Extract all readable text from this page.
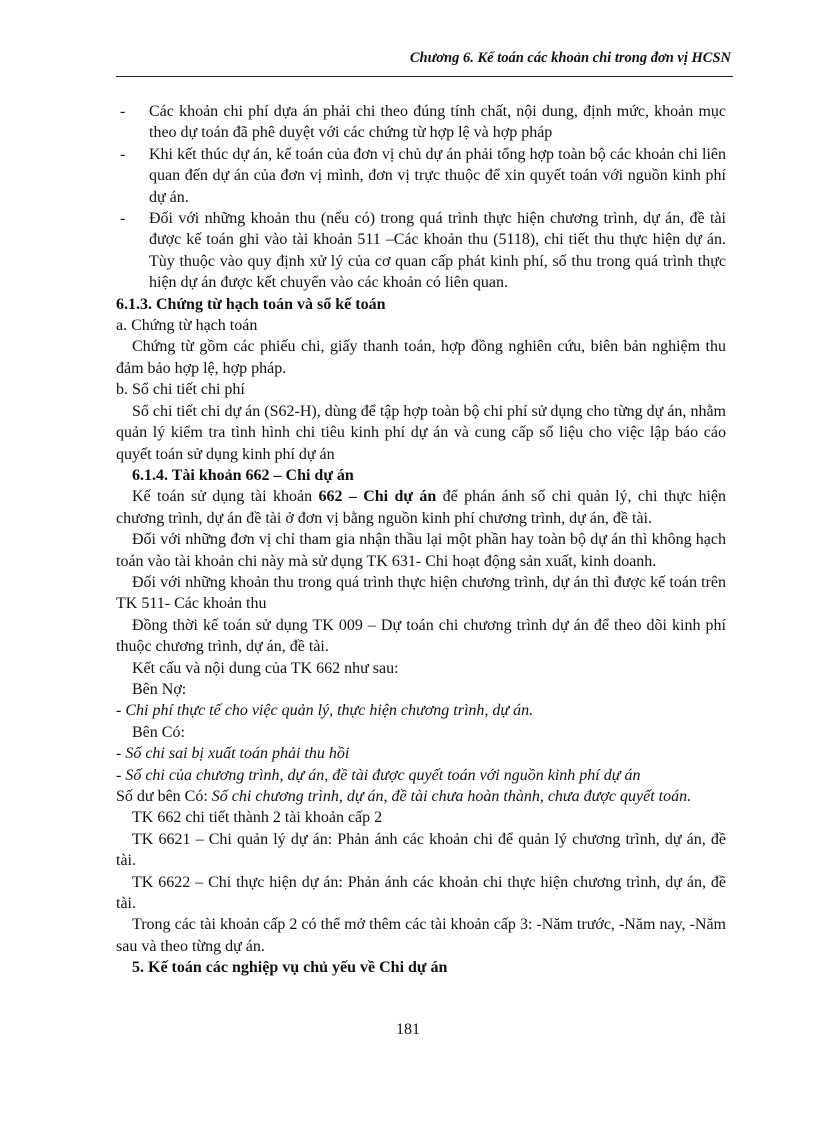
Chương 6. Kế toán các khoản chi trong đơn vị HCSN

- Các khoản chi phí dựa án phải chi theo đúng tính chất, nội dung, định mức, khoản mục theo dự toán đã phê duyệt với các chứng từ hợp lệ và hợp pháp

- Khi kết thúc dự án, kế toán của đơn vị chủ dự án phải tổng hợp toàn bộ các khoản chi liên quan đến dự án của đơn vị mình, đơn vị trực thuộc để xin quyết toán với nguồn kinh phí dự án.

- Đối với những khoản thu (nếu có) trong quá trình thực hiện chương trình, dự án, đề tài được kế toán ghi vào tài khoản 511 –Các khoản thu (5118), chi tiết thu thực hiện dự án. Tùy thuộc vào quy định xử lý của cơ quan cấp phát kinh phí, số thu trong quá trình thực hiện dự án được kết chuyển vào các khoản có liên quan.

6.1.3. Chứng từ hạch toán và sổ kế toán

a. Chứng từ hạch toán

Chứng từ gồm các phiếu chi, giấy thanh toán, hợp đồng nghiên cứu, biên bản nghiệm thu đảm bảo hợp lệ, hợp pháp.

b. Sổ chi tiết chi phí

Sổ chi tiết chi dự án (S62-H), dùng để tập hợp toàn bộ chi phí sử dụng cho từng dự án, nhằm quản lý kiểm tra tình hình chi tiêu kinh phí dự án và cung cấp số liệu cho việc lập báo cáo quyết toán sử dụng kinh phí dự án

6.1.4. Tài khoản 662 – Chi dự án

Kế toán sử dụng tài khoản 662 – Chi dự án để phán ánh số chi quản lý, chi thực hiện chương trình, dự án đề tài ở đơn vị bằng nguồn kinh phí chương trình, dự án, đề tài.

Đối với những đơn vị chỉ tham gia nhận thầu lại một phần hay toàn bộ dự án thì không hạch toán vào tài khoản chi này mà sử dụng TK 631- Chi hoạt động sản xuất, kinh doanh.

Đối với những khoản thu trong quá trình thực hiện chương trình, dự án thì được kế toán trên TK 511- Các khoản thu

Đồng thời kế toán sử dụng TK 009 – Dự toán chi chương trình dự án để theo dõi kinh phí thuộc chương trình, dự án, đề tài.

Kết cấu và nội dung của TK 662 như sau:

Bên Nợ:

- Chi phí thực tế cho việc quản lý, thực hiện chương trình, dự án.

Bên Có:

- Số chi sai bị xuất toán phải thu hồi

- Số chi của chương trình, dự án, đề tài được quyết toán với nguồn kinh phí dự án

Số dư bên Có: Số chi chương trình, dự án, đề tài chưa hoàn thành, chưa được quyết toán.

TK 662 chi tiết thành 2 tài khoản cấp 2

TK 6621 – Chi quản lý dự án: Phản ánh các khoản chi để quản lý chương trình, dự án, đề tài.

TK 6622 – Chi thực hiện dự án: Phản ánh các khoản chi thực hiện chương trình, dự án, đề tài.

Trong các tài khoản cấp 2 có thể mở thêm các tài khoản cấp 3: -Năm trước, -Năm nay, -Năm sau và theo từng dự án.

5. Kế toán các nghiệp vụ chủ yếu về Chi dự án

181
